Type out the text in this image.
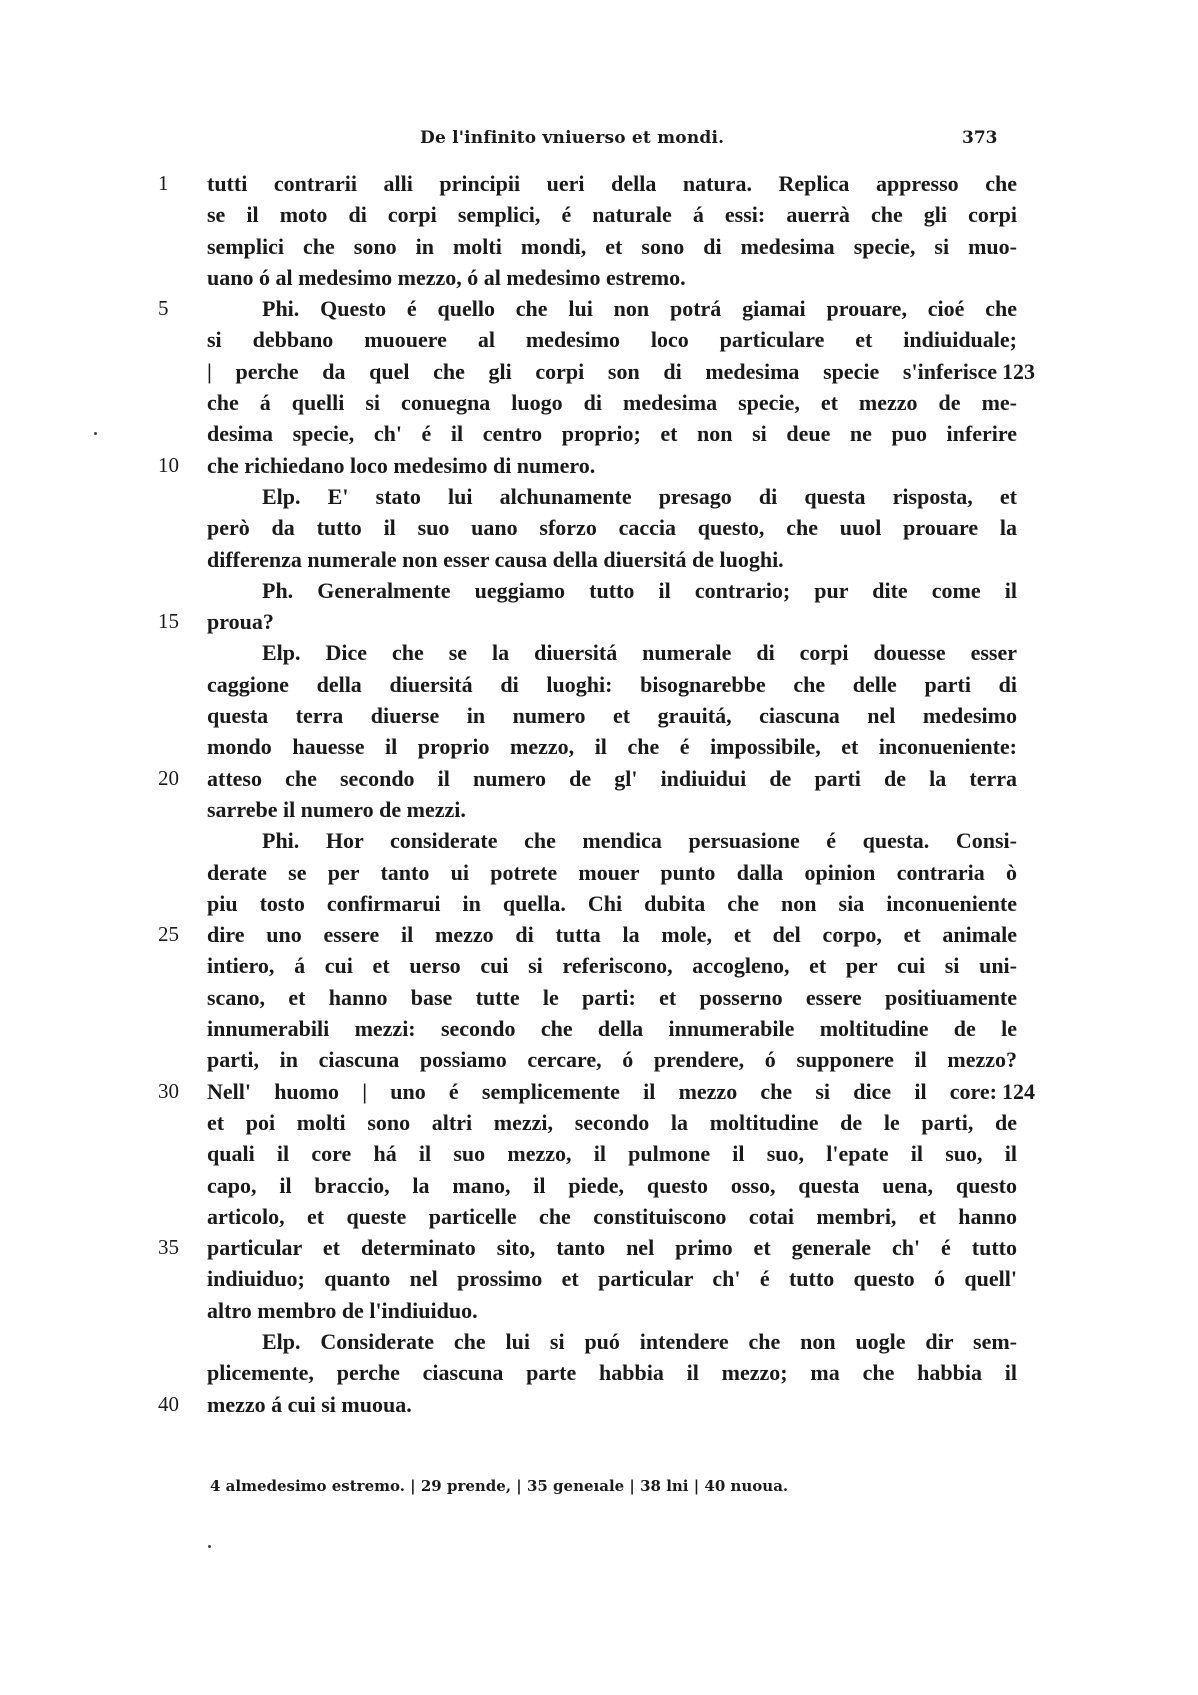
De l'infinito vniuerso et mondi.	373
1	tutti contrarii alli principii ueri della natura. Replica appresso che
se il moto di corpi semplici, é naturale á essi: auerrà che gli corpi
semplici che sono in molti mondi, et sono di medesima specie, si muo-
uano ó al medesimo mezzo, ó al medesimo estremo.
5	Phi. Questo é quello che lui non potrá giamai prouare, cioé che
si debbano muouere al medesimo loco particulare et indiuiduale;
| perche da quel che gli corpi son di medesima specie s'inferisce 123
che á quelli si conuegna luogo di medesima specie, et mezzo de me-
desima specie, ch' é il centro proprio; et non si deue ne puo inferire
10	che richiedano loco medesimo di numero.
Elp. E' stato lui alchunamente presago di questa risposta, et
però da tutto il suo uano sforzo caccia questo, che uuol prouare la
differenza numerale non esser causa della diuersitá de luoghi.
Ph. Generalmente ueggiamo tutto il contrario; pur dite come il
15	proua?
Elp. Dice che se la diuersitá numerale di corpi douesse esser
caggione della diuersitá di luoghi: bisognarebbe che delle parti di
questa terra diuerse in numero et grauitá, ciascuna nel medesimo
mondo hauesse il proprio mezzo, il che é impossibile, et inconueniente:
20	atteso che secondo il numero de gl' indiuidui de parti de la terra
sarrebe il numero de mezzi.
Phi. Hor considerate che mendica persuasione é questa. Consi-
derate se per tanto ui potrete mouer punto dalla opinion contraria ò
piu tosto confirmarui in quella. Chi dubita che non sia inconueniente
25	dire uno essere il mezzo di tutta la mole, et del corpo, et animale
intiero, á cui et uerso cui si referiscono, accogleno, et per cui si uni-
scano, et hanno base tutte le parti: et posserno essere positiuamente
innumerabili mezzi: secondo che della innumerabile moltitudine de le
parti, in ciascuna possiamo cercare, ó prendere, ó supponere il mezzo?
30	Nell' huomo | uno é semplicemente il mezzo che si dice il core: 124
et poi molti sono altri mezzi, secondo la moltitudine de le parti, de
quali il core há il suo mezzo, il pulmone il suo, l'epate il suo, il
capo, il braccio, la mano, il piede, questo osso, questa uena, questo
articolo, et queste particelle che constituiscono cotai membri, et hanno
35	particular et determinato sito, tanto nel primo et generale ch' é tutto
indiuiduo; quanto nel prossimo et particular ch' é tutto questo ó quell'
altro membro de l'indiuiduo.
Elp. Considerate che lui si puó intendere che non uogle dir sem-
plicemente, perche ciascuna parte habbia il mezzo; ma che habbia il
40	mezzo á cui si muoua.
4 almedesimo estremo. | 29 prende, | 35 geneıale | 38 lni | 40 nuoua.
